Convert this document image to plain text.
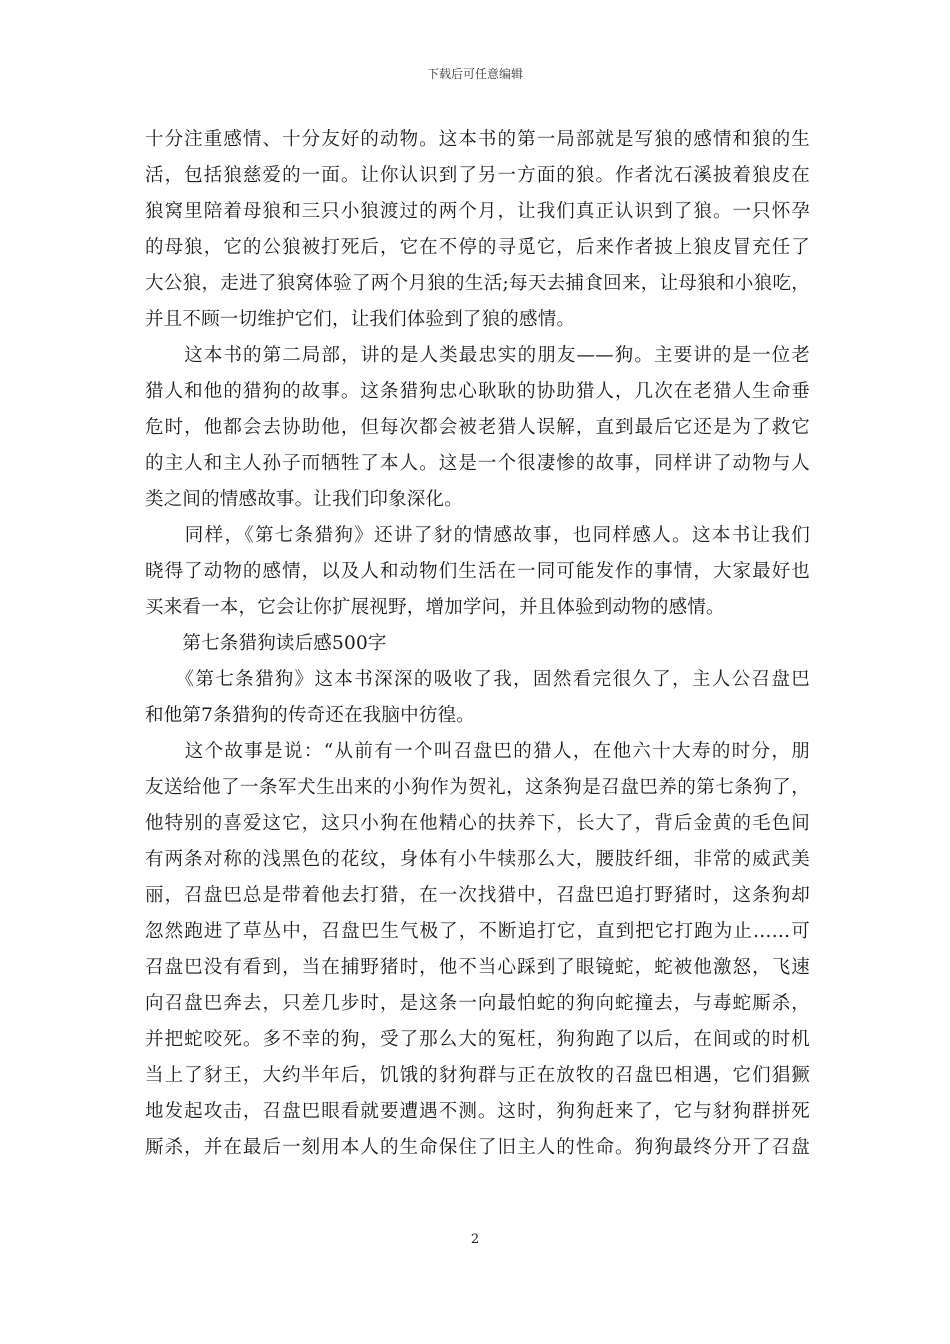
下载后可任意编辑
十分注重感情、十分友好的动物。这本书的第一局部就是写狼的感情和狼的生
活，包括狼慈爱的一面。让你认识到了另一方面的狼。作者沈石溪披着狼皮在
狼窝里陪着母狼和三只小狼渡过的两个月，让我们真正认识到了狼。一只怀孕
的母狼，它的公狼被打死后，它在不停的寻觅它，后来作者披上狼皮冒充任了
大公狼，走进了狼窝体验了两个月狼的生活;每天去捕食回来，让母狼和小狼吃，
并且不顾一切维护它们，让我们体验到了狼的感情。
　　这本书的第二局部，讲的是人类最忠实的朋友——狗。主要讲的是一位老
猎人和他的猎狗的故事。这条猎狗忠心耿耿的协助猎人，几次在老猎人生命垂
危时，他都会去协助他，但每次都会被老猎人误解，直到最后它还是为了救它
的主人和主人孙子而牺牲了本人。这是一个很凄惨的故事，同样讲了动物与人
类之间的情感故事。让我们印象深化。
　　同样，《第七条猎狗》还讲了豺的情感故事，也同样感人。这本书让我们
晓得了动物的感情，以及人和动物们生活在一同可能发作的事情，大家最好也
买来看一本，它会让你扩展视野，增加学问，并且体验到动物的感情。
　　第七条猎狗读后感500字
　　《第七条猎狗》这本书深深的吸收了我，固然看完很久了，主人公召盘巴
和他第7条猎狗的传奇还在我脑中彷徨。
　　这个故事是说：“从前有一个叫召盘巴的猎人，在他六十大寿的时分，朋
友送给他了一条军犬生出来的小狗作为贺礼，这条狗是召盘巴养的第七条狗了，
他特别的喜爱这它，这只小狗在他精心的扶养下，长大了，背后金黄的毛色间
有两条对称的浅黑色的花纹，身体有小牛犊那么大，腰肢纤细，非常的威武美
丽，召盘巴总是带着他去打猎，在一次找猎中，召盘巴追打野猪时，这条狗却
忽然跑进了草丛中，召盘巴生气极了，不断追打它，直到把它打跑为止……可
召盘巴没有看到，当在捕野猪时，他不当心踩到了眼镜蛇，蛇被他激怒，飞速
向召盘巴奔去，只差几步时，是这条一向最怕蛇的狗向蛇撞去，与毒蛇厮杀，
并把蛇咬死。多不幸的狗，受了那么大的冤枉，狗狗跑了以后，在间或的时机
当上了豺王，大约半年后，饥饿的豺狗群与正在放牧的召盘巴相遇，它们猖獗
地发起攻击，召盘巴眼看就要遭遇不测。这时，狗狗赶来了，它与豺狗群拼死
厮杀，并在最后一刻用本人的生命保住了旧主人的性命。狗狗最终分开了召盘
2
